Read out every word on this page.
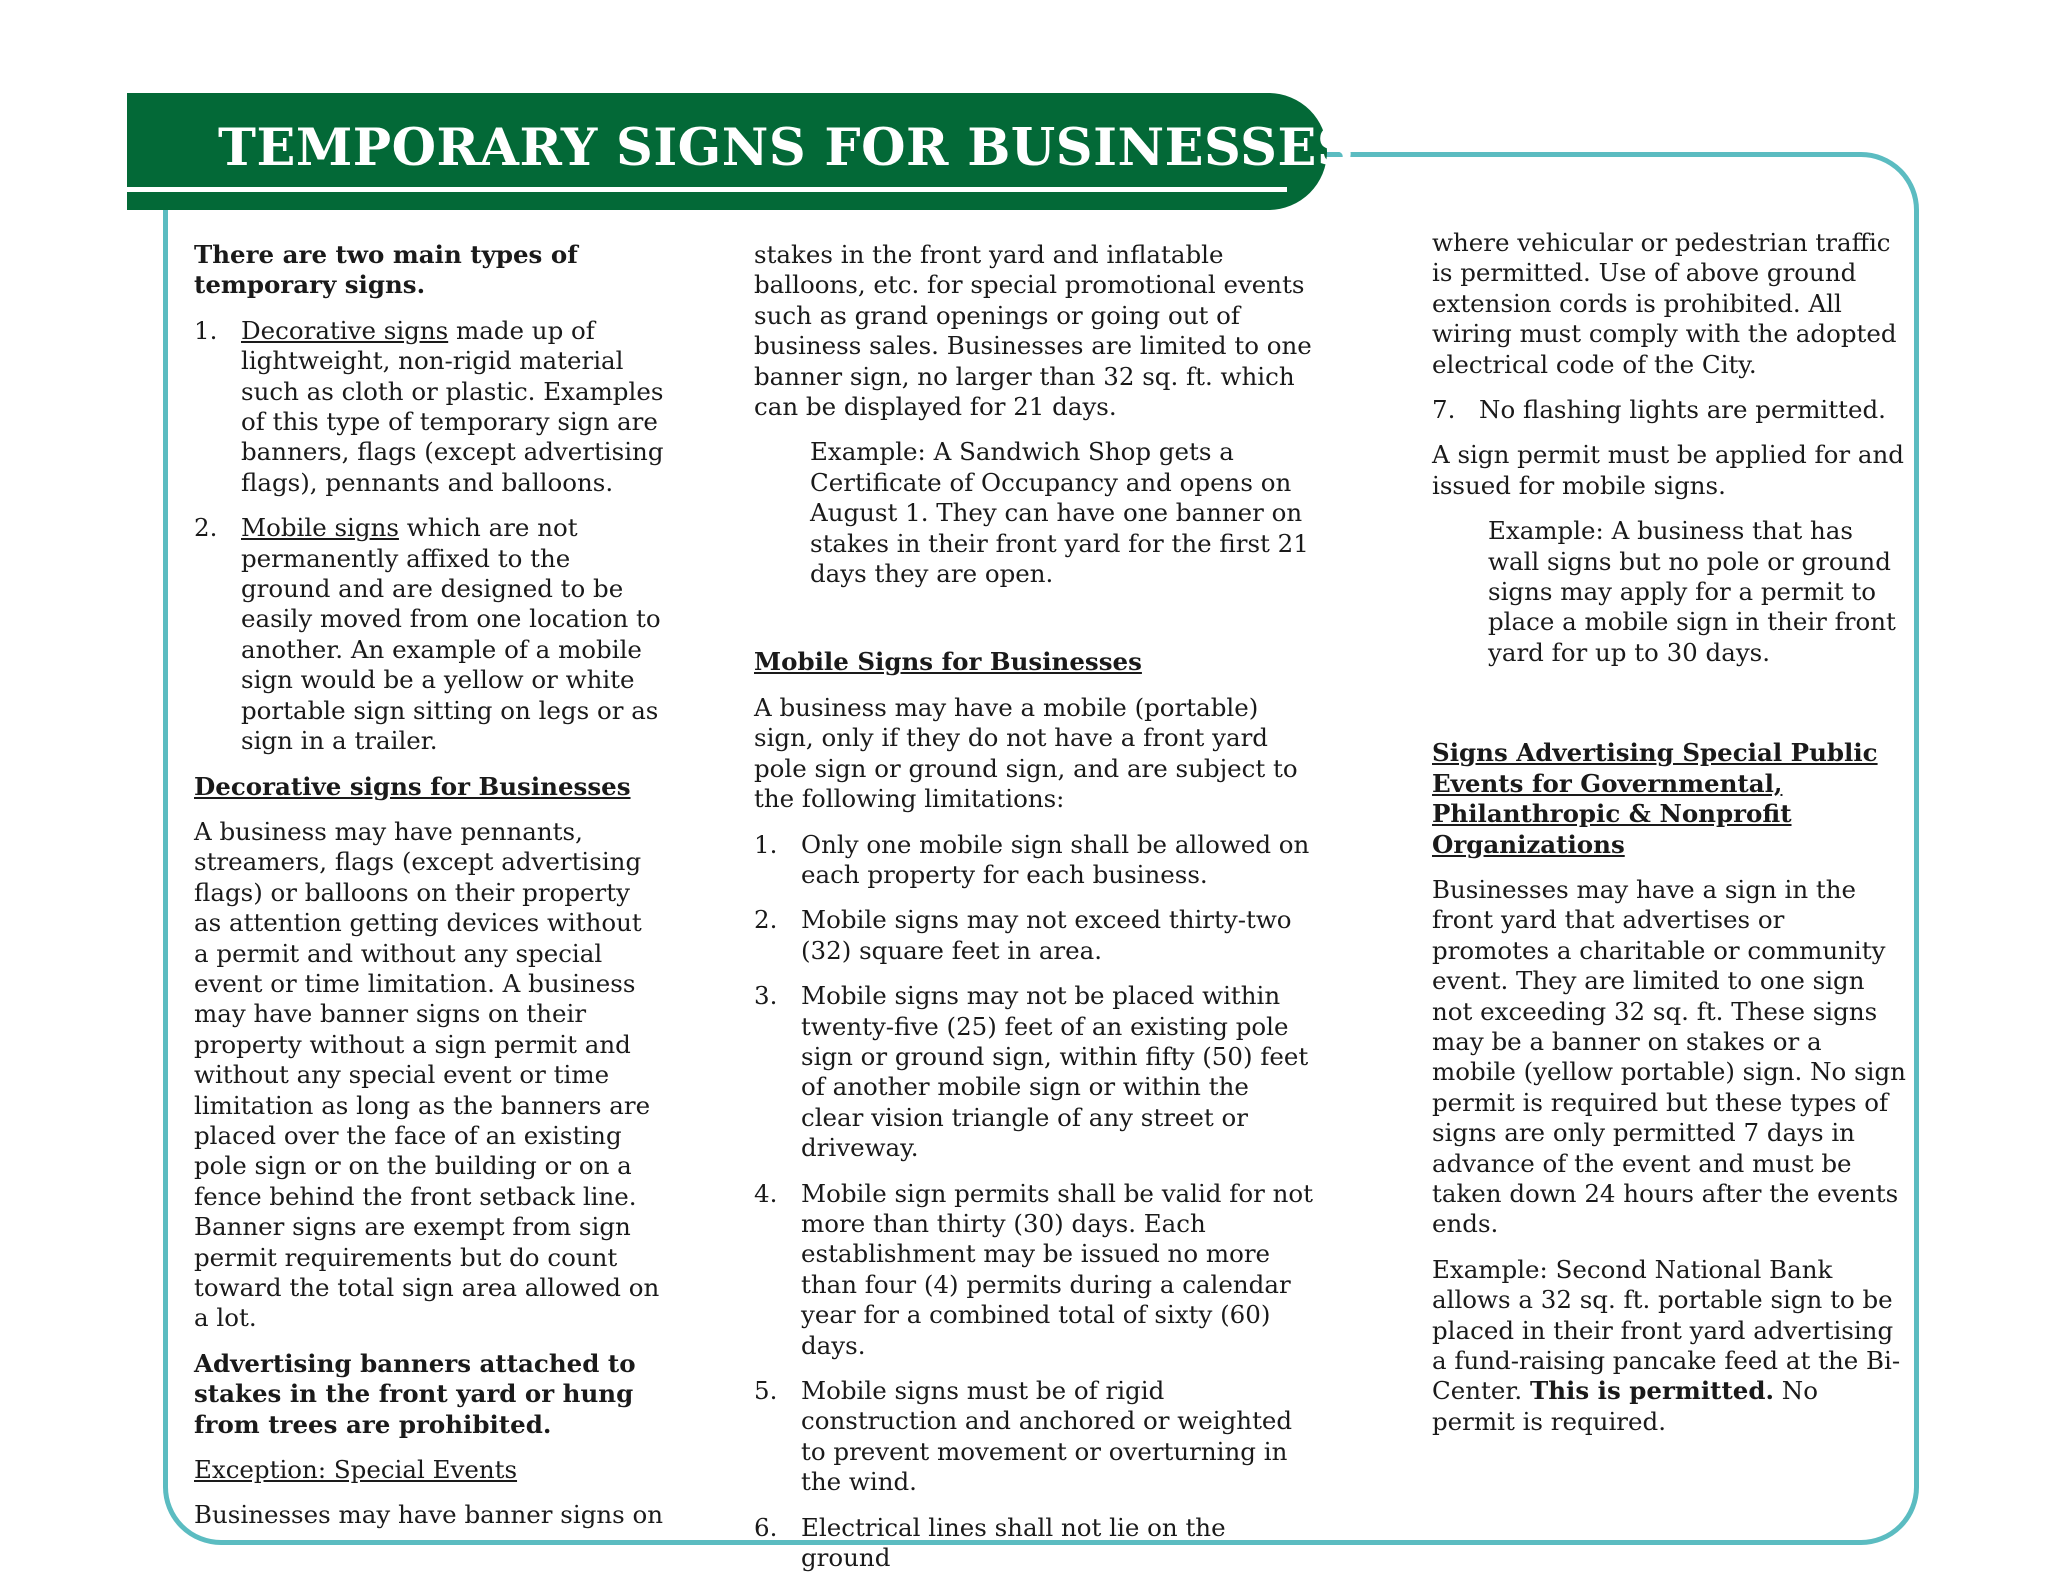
TEMPORARY SIGNS FOR BUSINESSES

There are two main types of temporary signs.

1. Decorative signs made up of lightweight, non-rigid material such as cloth or plastic. Examples of this type of temporary sign are banners, flags (except advertising flags), pennants and balloons.
2. Mobile signs which are not permanently affixed to the ground and are designed to be easily moved from one location to another. An example of a mobile sign would be a yellow or white portable sign sitting on legs or as sign in a trailer.

Decorative signs for Businesses

A business may have pennants, streamers, flags (except advertising flags) or balloons on their property as attention getting devices without a permit and without any special event or time limitation. A business may have banner signs on their property without a sign permit and without any special event or time limitation as long as the banners are placed over the face of an existing pole sign or on the building or on a fence behind the front setback line. Banner signs are exempt from sign permit requirements but do count toward the total sign area allowed on a lot.

Advertising banners attached to stakes in the front yard or hung from trees are prohibited.

Exception: Special Events

Businesses may have banner signs on

stakes in the front yard and inflatable balloons, etc. for special promotional events such as grand openings or going out of business sales. Businesses are limited to one banner sign, no larger than 32 sq. ft. which can be displayed for 21 days.

Example: A Sandwich Shop gets a Certificate of Occupancy and opens on August 1. They can have one banner on stakes in their front yard for the first 21 days they are open.

Mobile Signs for Businesses

A business may have a mobile (portable) sign, only if they do not have a front yard pole sign or ground sign, and are subject to the following limitations:

1. Only one mobile sign shall be allowed on each property for each business.
2. Mobile signs may not exceed thirty-two (32) square feet in area.
3. Mobile signs may not be placed within twenty-five (25) feet of an existing pole sign or ground sign, within fifty (50) feet of another mobile sign or within the clear vision triangle of any street or driveway.
4. Mobile sign permits shall be valid for not more than thirty (30) days. Each establishment may be issued no more than four (4) permits during a calendar year for a combined total of sixty (60) days.
5. Mobile signs must be of rigid construction and anchored or weighted to prevent movement or overturning in the wind.
6. Electrical lines shall not lie on the ground

where vehicular or pedestrian traffic is permitted. Use of above ground extension cords is prohibited. All wiring must comply with the adopted electrical code of the City.

7. No flashing lights are permitted.

A sign permit must be applied for and issued for mobile signs.

Example: A business that has wall signs but no pole or ground signs may apply for a permit to place a mobile sign in their front yard for up to 30 days.

Signs Advertising Special Public Events for Governmental, Philanthropic & Nonprofit Organizations

Businesses may have a sign in the front yard that advertises or promotes a charitable or community event. They are limited to one sign not exceeding 32 sq. ft. These signs may be a banner on stakes or a mobile (yellow portable) sign. No sign permit is required but these types of signs are only permitted 7 days in advance of the event and must be taken down 24 hours after the events ends.

Example: Second National Bank allows a 32 sq. ft. portable sign to be placed in their front yard advertising a fund-raising pancake feed at the Bi-Center. This is permitted. No permit is required.
